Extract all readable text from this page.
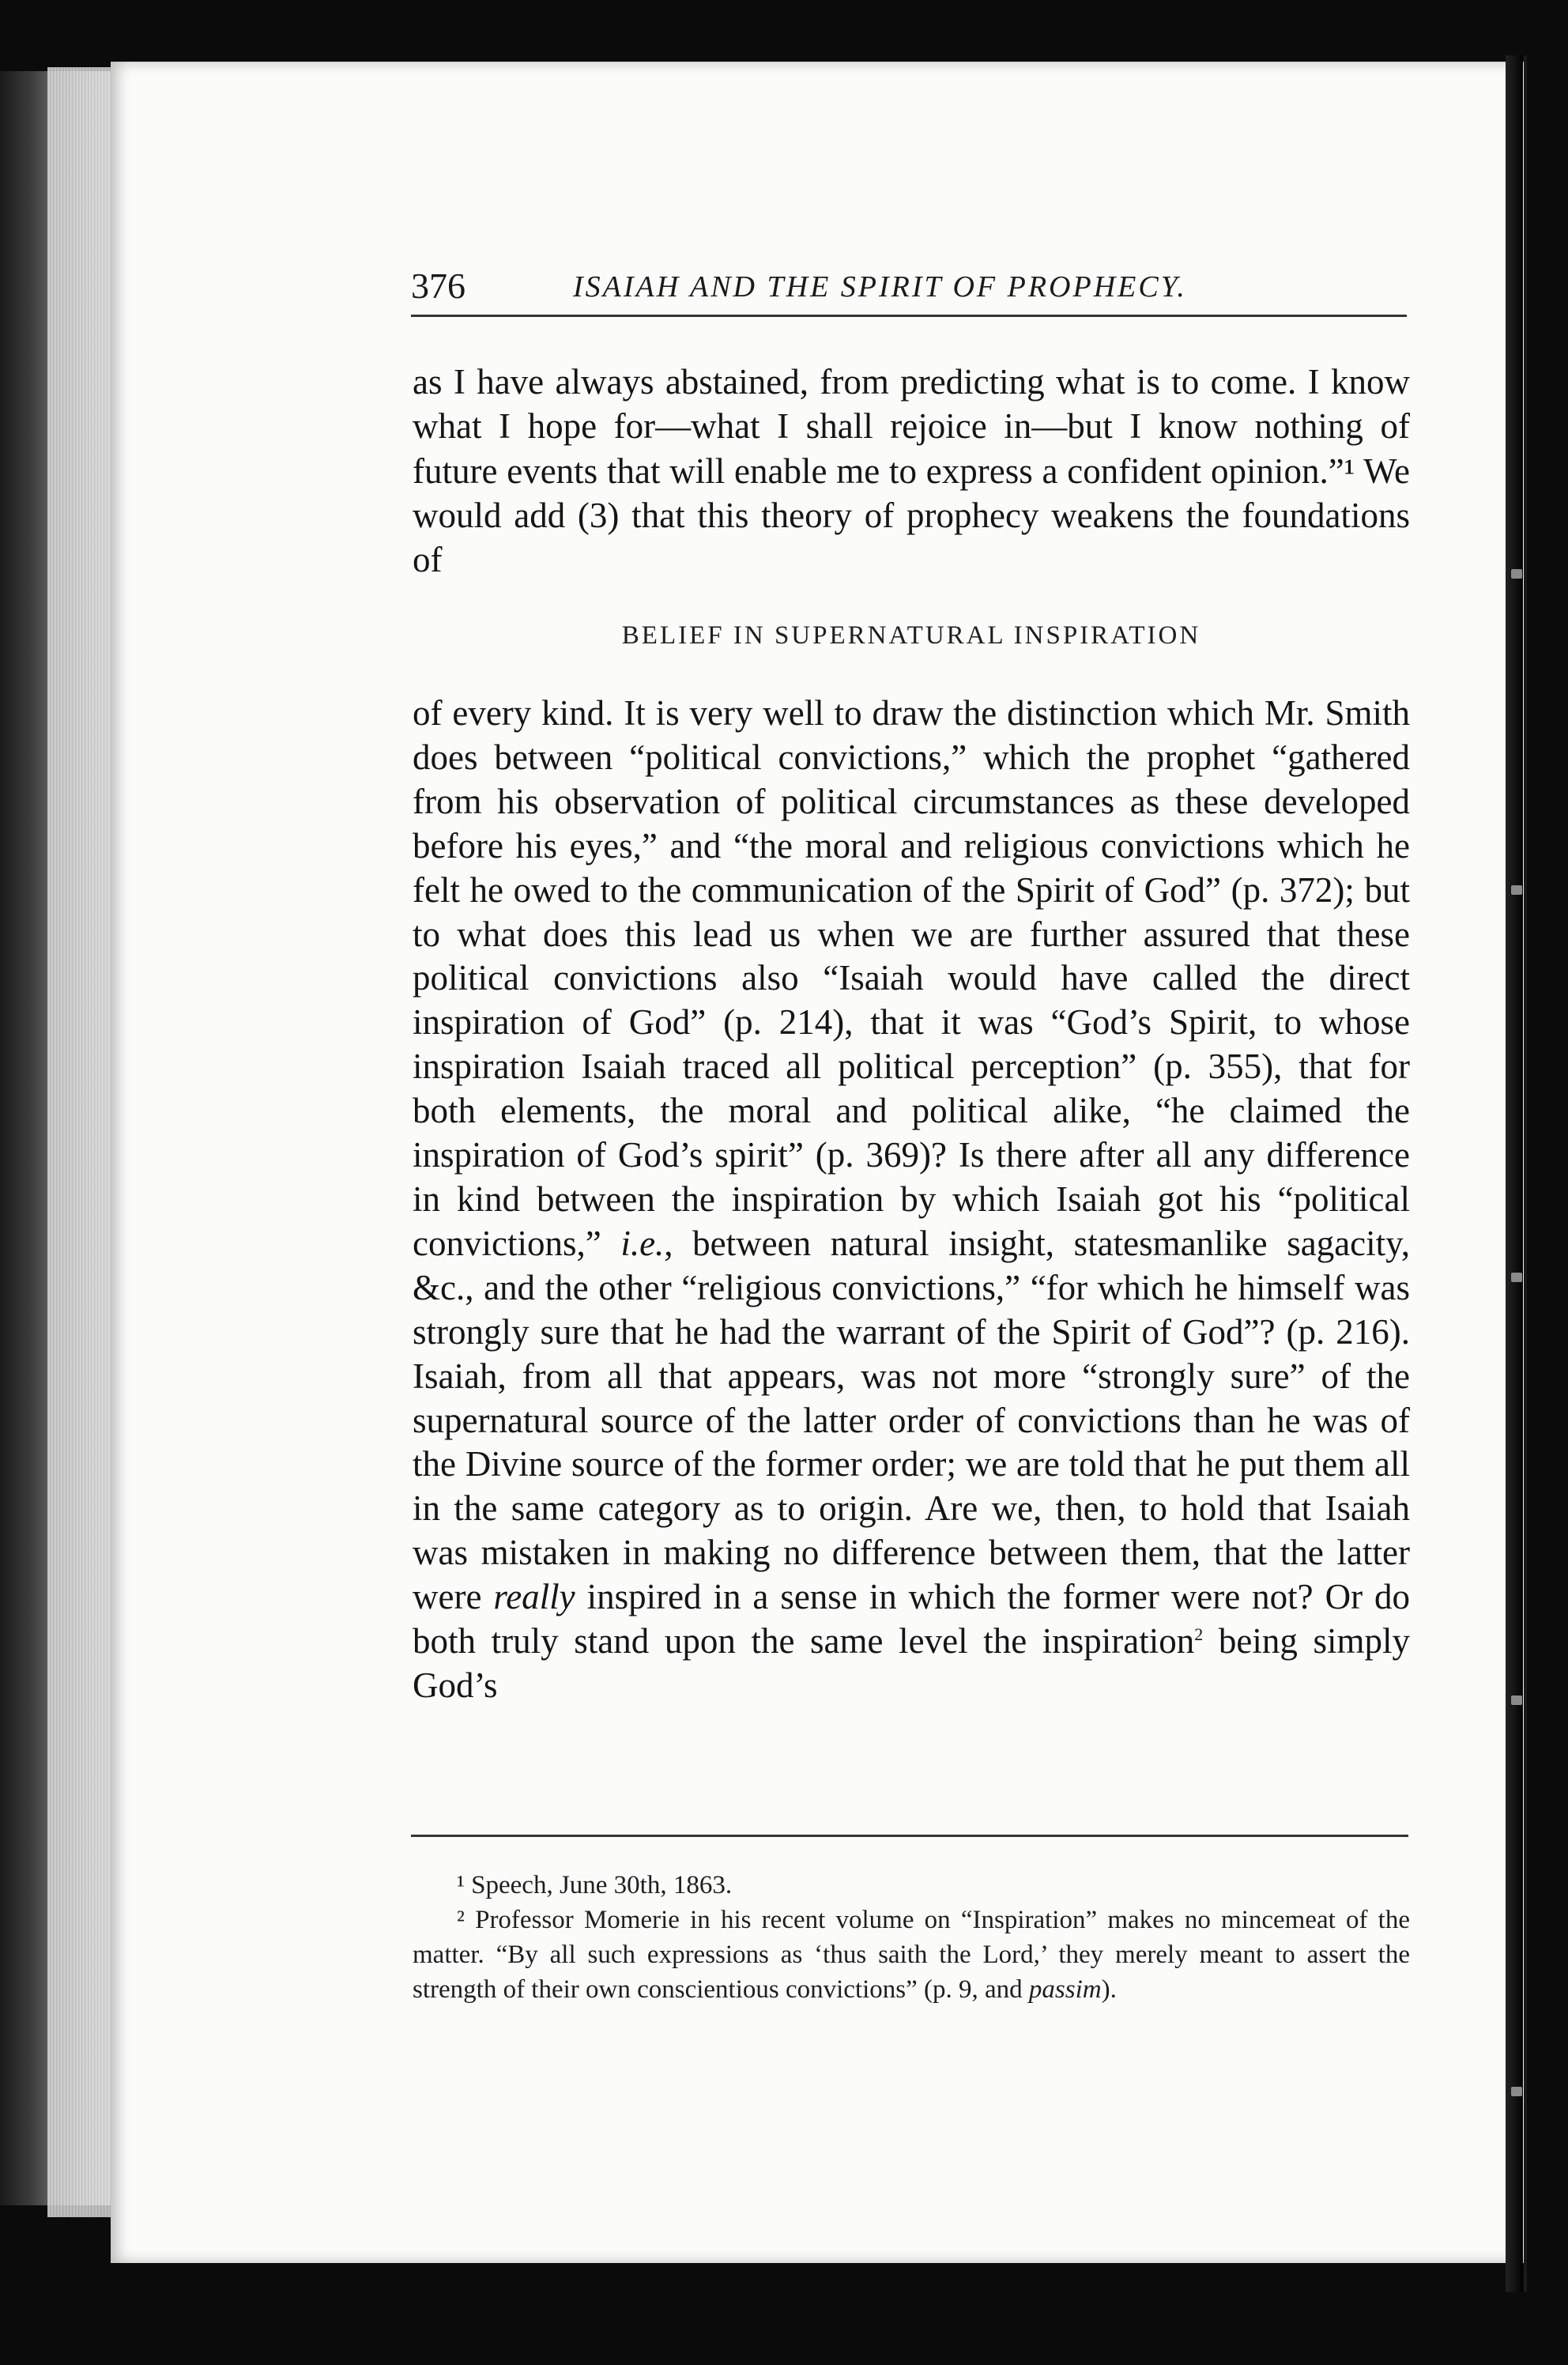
376	ISAIAH AND THE SPIRIT OF PROPHECY.

as I have always abstained, from predicting what is to come. I know what I hope for—what I shall rejoice in—but I know nothing of future events that will enable me to express a confident opinion.”¹ We would add (3) that this theory of prophecy weakens the foundations of

BELIEF IN SUPERNATURAL INSPIRATION

of every kind. It is very well to draw the distinction which Mr. Smith does between “political convictions,” which the prophet “gathered from his observation of political circumstances as these developed before his eyes,” and “the moral and religious convictions which he felt he owed to the communication of the Spirit of God” (p. 372); but to what does this lead us when we are further assured that these political convictions also “Isaiah would have called the direct inspiration of God” (p. 214), that it was “God’s Spirit, to whose inspiration Isaiah traced all political perception” (p. 355), that for both elements, the moral and political alike, “he claimed the inspiration of God’s spirit” (p. 369)? Is there after all any difference in kind between the inspiration by which Isaiah got his “political convictions,” i.e., between natural insight, statesmanlike sagacity, &c., and the other “religious convictions,” “for which he himself was strongly sure that he had the warrant of the Spirit of God”? (p. 216). Isaiah, from all that appears, was not more “strongly sure” of the supernatural source of the latter order of convictions than he was of the Divine source of the former order; we are told that he put them all in the same category as to origin. Are we, then, to hold that Isaiah was mistaken in making no difference between them, that the latter were really inspired in a sense in which the former were not? Or do both truly stand upon the same level the inspiration$^2$ being simply God’s

¹ Speech, June 30th, 1863.

² Professor Momerie in his recent volume on “Inspiration” makes no mincemeat of the matter. “By all such expressions as ‘thus saith the Lord,’ they merely meant to assert the strength of their own conscientious convictions” (p. 9, and passim).
